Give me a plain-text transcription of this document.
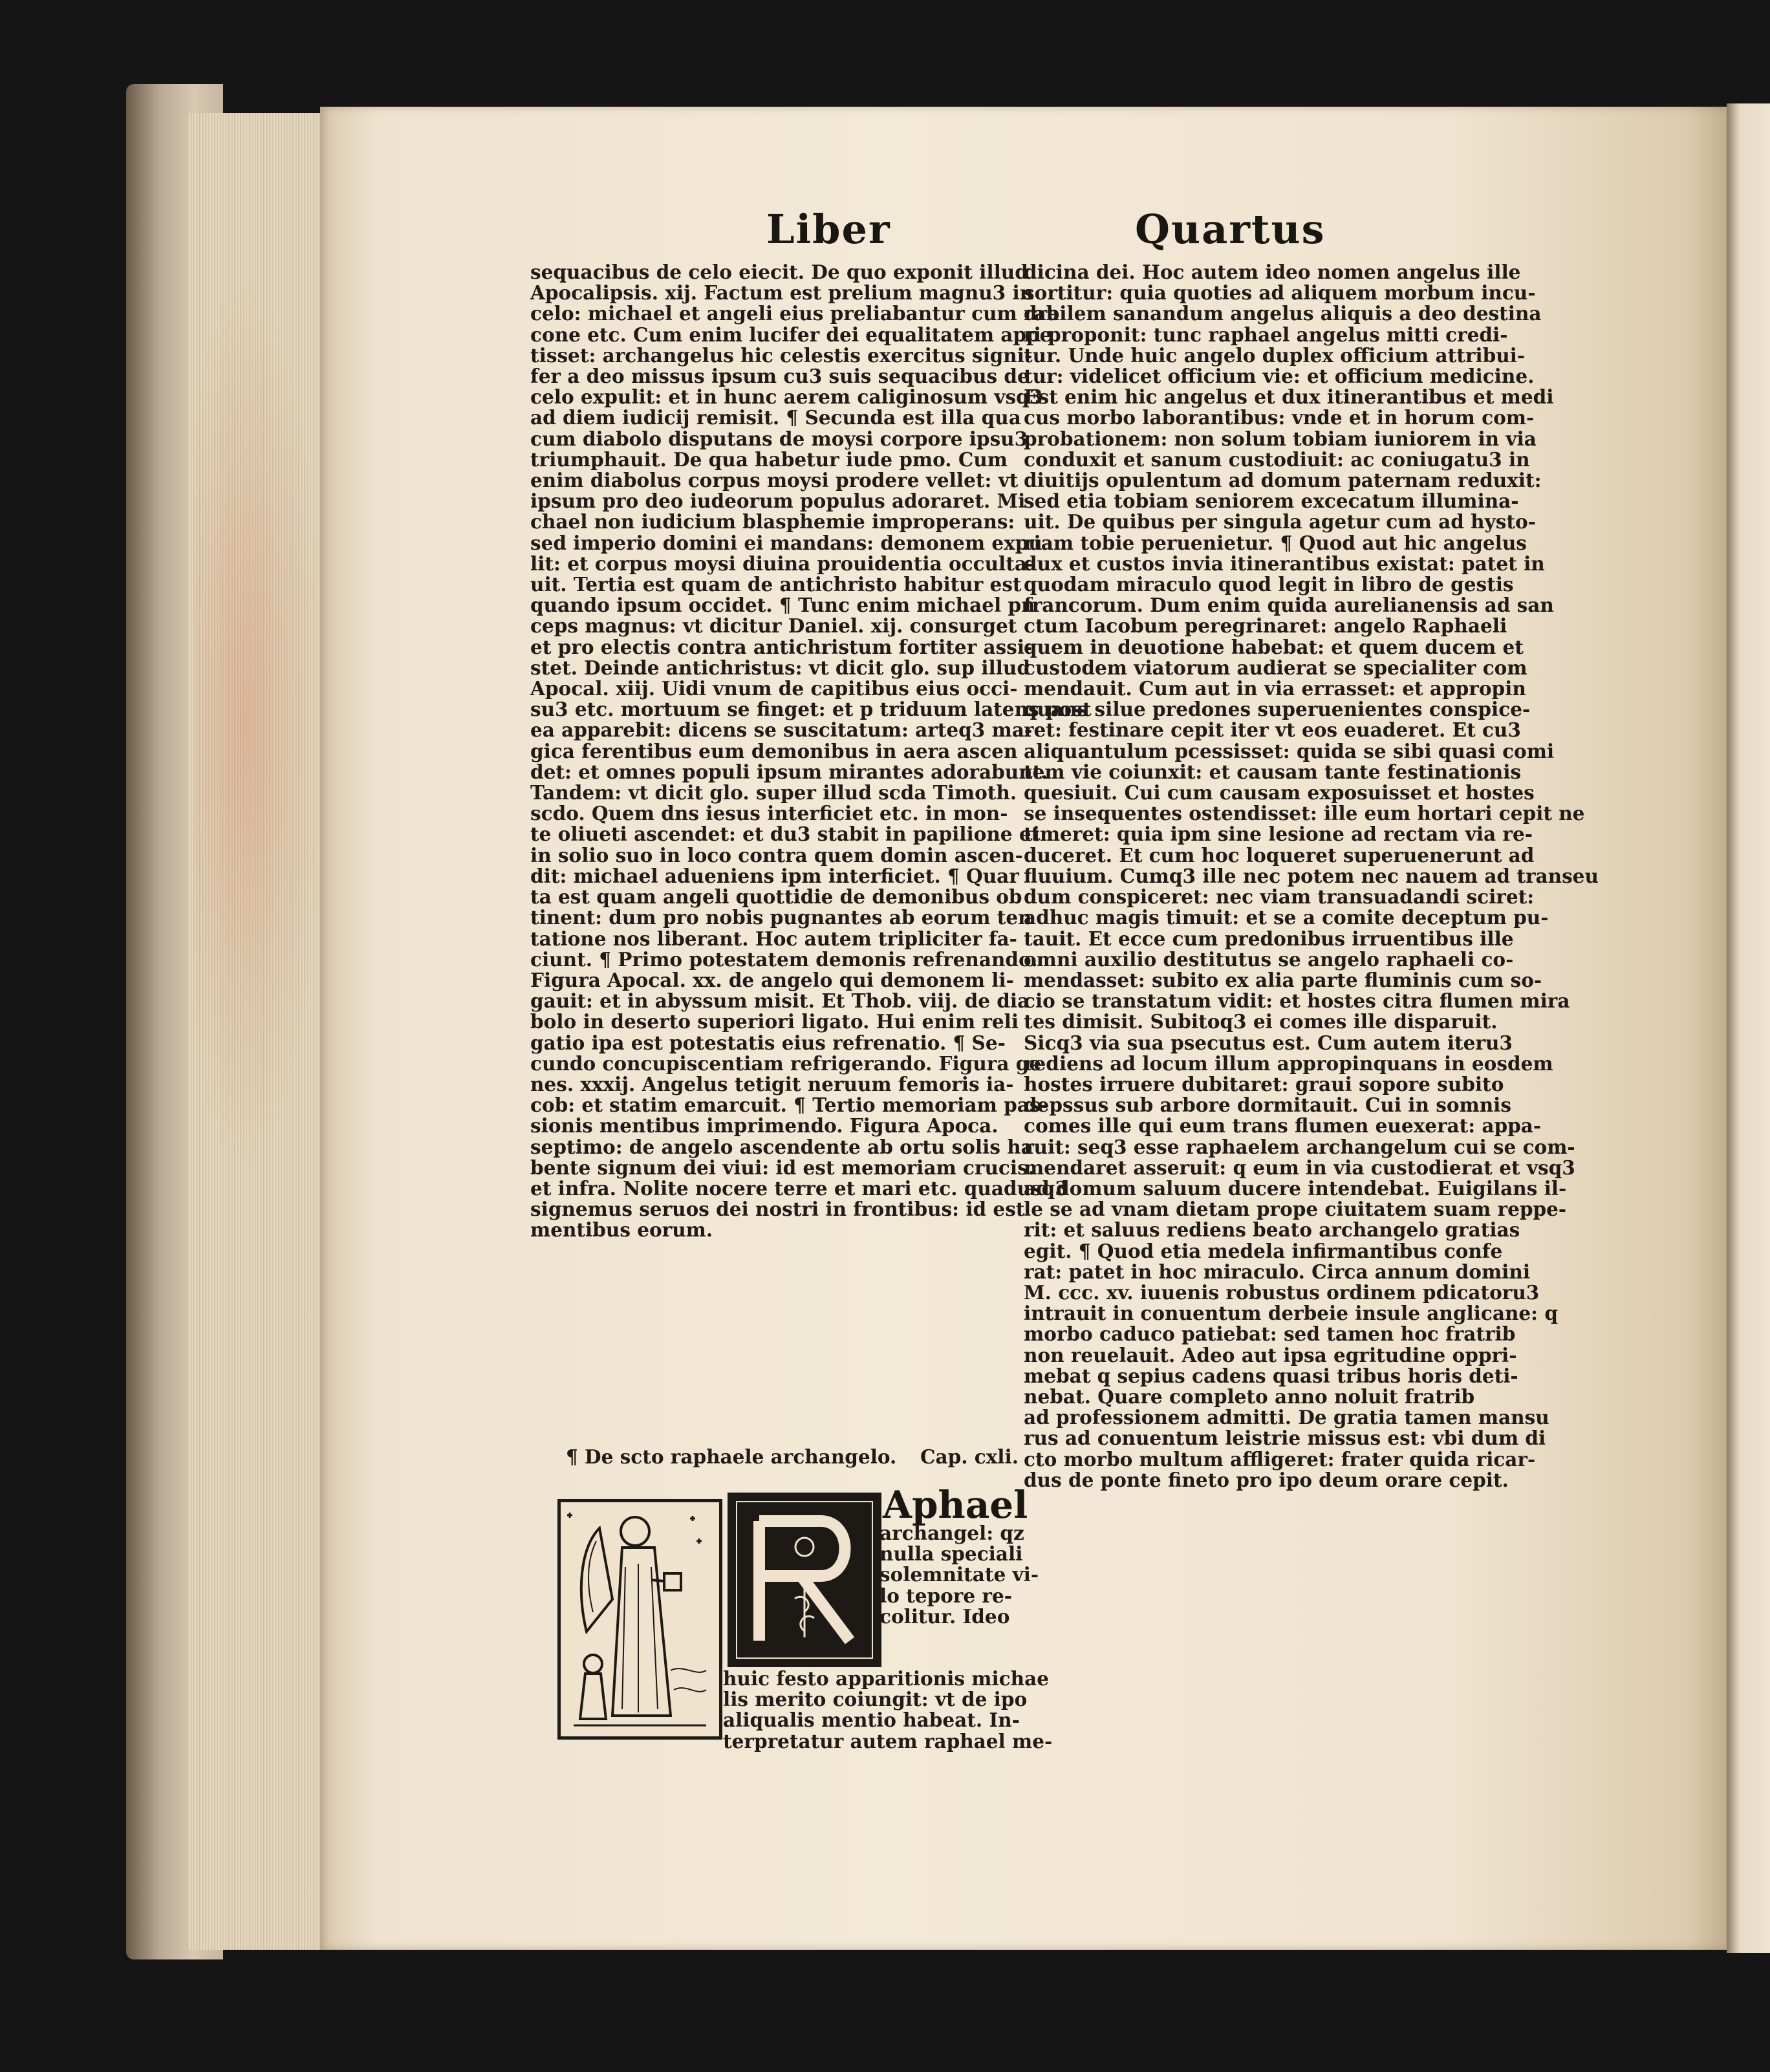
Liber	Quartus
sequacibus de celo eiecit. De quo exponit illud
Apocalipsis. xij. Factum est prelium magnu3 in
celo: michael et angeli eius preliabantur cum dra
cone etc. Cum enim lucifer dei equalitatem appe
tisset: archangelus hic celestis exercitus signi-
fer a deo missus ipsum cu3 suis sequacibus de
celo expulit: et in hunc aerem caliginosum vsq3
ad diem iudicij remisit. ¶ Secunda est illa qua
cum diabolo disputans de moysi corpore ipsu3
triumphauit. De qua habetur iude pmo. Cum
enim diabolus corpus moysi prodere vellet: vt
ipsum pro deo iudeorum populus adoraret. Mi
chael non iudicium blasphemie improperans:
sed imperio domini ei mandans: demonem expu
lit: et corpus moysi diuina prouidentia occulta-
uit. Tertia est quam de antichristo habitur est
quando ipsum occidet. ¶ Tunc enim michael pn
ceps magnus: vt dicitur Daniel. xij. consurget
et pro electis contra antichristum fortiter assi-
stet. Deinde antichristus: vt dicit glo. sup illud
Apocal. xiij. Uidi vnum de capitibus eius occi-
su3 etc. mortuum se finget: et p triduum latens post
ea apparebit: dicens se suscitatum: arteq3 ma-
gica ferentibus eum demonibus in aera ascen
det: et omnes populi ipsum mirantes adorabunt.
Tandem: vt dicit glo. super illud scda Timoth.
scdo. Quem dns iesus interficiet etc. in mon-
te oliueti ascendet: et du3 stabit in papilione et
in solio suo in loco contra quem domin ascen-
dit: michael adueniens ipm interficiet. ¶ Quar
ta est quam angeli quottidie de demonibus ob
tinent: dum pro nobis pugnantes ab eorum ten
tatione nos liberant. Hoc autem tripliciter fa-
ciunt. ¶ Primo potestatem demonis refrenando.
Figura Apocal. xx. de angelo qui demonem li-
gauit: et in abyssum misit. Et Thob. viij. de dia
bolo in deserto superiori ligato. Hui enim reli
gatio ipa est potestatis eius refrenatio. ¶ Se-
cundo concupiscentiam refrigerando. Figura ge
nes. xxxij. Angelus tetigit neruum femoris ia-
cob: et statim emarcuit. ¶ Tertio memoriam pas-
sionis mentibus imprimendo. Figura Apoca.
septimo: de angelo ascendente ab ortu solis ha
bente signum dei viui: id est memoriam crucis.
et infra. Nolite nocere terre et mari etc. quadusq3
signemus seruos dei nostri in frontibus: id est
mentibus eorum.
¶ De scto raphaele archangelo. Cap. cxli.
Aphael
archangel: qz
nulla speciali
solemnitate vi-
lo tepore re-
colitur. Ideo
huic festo apparitionis michae
lis merito coiungit: vt de ipo
aliqualis mentio habeat. In-
terpretatur autem raphael me-
dicina dei. Hoc autem ideo nomen angelus ille
sortitur: quia quoties ad aliquem morbum incu-
rabilem sanandum angelus aliquis a deo destina
ri proponit: tunc raphael angelus mitti credi-
tur. Unde huic angelo duplex officium attribui-
tur: videlicet officium vie: et officium medicine.
Est enim hic angelus et dux itinerantibus et medi
cus morbo laborantibus: vnde et in horum com-
probationem: non solum tobiam iuniorem in via
conduxit et sanum custodiuit: ac coniugatu3 in
diuitijs opulentum ad domum paternam reduxit:
sed etia tobiam seniorem excecatum illumina-
uit. De quibus per singula agetur cum ad hysto-
riam tobie peruenietur. ¶ Quod aut hic angelus
dux et custos invia itinerantibus existat: patet in
quodam miraculo quod legit in libro de gestis
francorum. Dum enim quida aurelianensis ad san
ctum Iacobum peregrinaret: angelo Raphaeli
quem in deuotione habebat: et quem ducem et
custodem viatorum audierat se specialiter com
mendauit. Cum aut in via errasset: et appropin
quans silue predones superuenientes conspice-
ret: festinare cepit iter vt eos euaderet. Et cu3
aliquantulum pcessisset: quida se sibi quasi comi
tem vie coiunxit: et causam tante festinationis
quesiuit. Cui cum causam exposuisset et hostes
se insequentes ostendisset: ille eum hortari cepit ne
timeret: quia ipm sine lesione ad rectam via re-
duceret. Et cum hoc loqueret superuenerunt ad
fluuium. Cumq3 ille nec potem nec nauem ad transeu
dum conspiceret: nec viam transuadandi sciret:
adhuc magis timuit: et se a comite deceptum pu-
tauit. Et ecce cum predonibus irruentibus ille
omni auxilio destitutus se angelo raphaeli co-
mendasset: subito ex alia parte fluminis cum so-
cio se transtatum vidit: et hostes citra flumen mira
tes dimisit. Subitoq3 ei comes ille disparuit.
Sicq3 via sua psecutus est. Cum autem iteru3
rediens ad locum illum appropinquans in eosdem
hostes irruere dubitaret: graui sopore subito
depssus sub arbore dormitauit. Cui in somnis
comes ille qui eum trans flumen euexerat: appa-
ruit: seq3 esse raphaelem archangelum cui se com-
mendaret asseruit: q eum in via custodierat et vsq3
ad domum saluum ducere intendebat. Euigilans il-
le se ad vnam dietam prope ciuitatem suam reppe-
rit: et saluus rediens beato archangelo gratias
egit. ¶ Quod etia medela infirmantibus confe
rat: patet in hoc miraculo. Circa annum domini
M. ccc. xv. iuuenis robustus ordinem pdicatoru3
intrauit in conuentum derbeie insule anglicane: q
morbo caduco patiebat: sed tamen hoc fratrib
non reuelauit. Adeo aut ipsa egritudine oppri-
mebat q sepius cadens quasi tribus horis deti-
nebat. Quare completo anno noluit fratrib
ad professionem admitti. De gratia tamen mansu
rus ad conuentum leistrie missus est: vbi dum di
cto morbo multum affligeret: frater quida ricar-
dus de ponte fineto pro ipo deum orare cepit.
